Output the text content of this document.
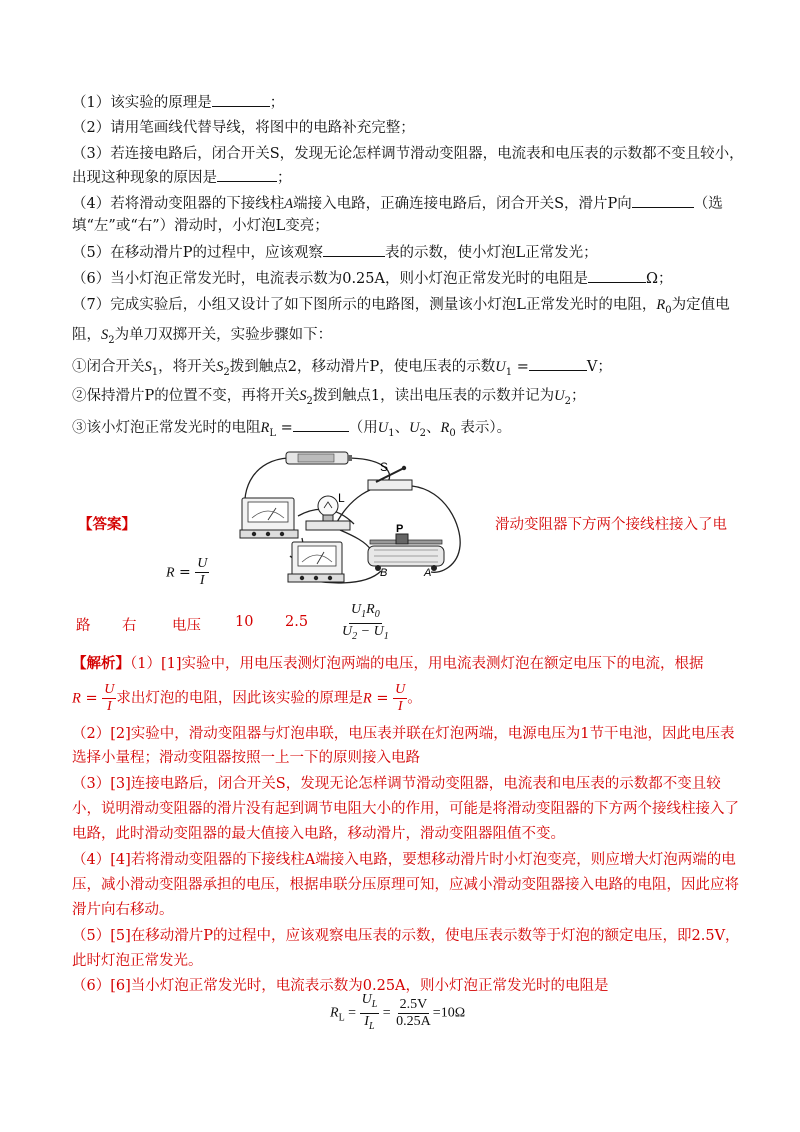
（1）该实验的原理是	；
（2）请用笔画线代替导线，将图中的电路补充完整；
（3）若连接电路后，闭合开关S，发现无论怎样调节滑动变阻器，电流表和电压表的示数都不变且较小，
出现这种现象的原因是	；
（4）若将滑动变阻器的下接线柱A端接入电路，正确连接电路后，闭合开关S，滑片P向	（选
填“左”或“右”）滑动时，小灯泡L变亮；
（5）在移动滑片P的过程中，应该观察	表的示数，使小灯泡L正常发光；
（6）当小灯泡正常发光时，电流表示数为0.25A，则小灯泡正常发光时的电阻是	Ω；
（7）完成实验后，小组又设计了如下图所示的电路图，测量该小灯泡L正常发光时的电阻，$R_0$为定值电
阻，$S_2$为单刀双掷开关，实验步骤如下：
①闭合开关$S_1$，将开关$S_2$拨到触点2，移动滑片P，使电压表的示数$U_1$ =	V；
②保持滑片P的位置不变，再将开关$S_2$拨到触点1，读出电压表的示数并记为$U_2$；
③该小灯泡正常发光时的电阻$R_L$ =	（用$U_1$、$U_2$、$R_0$ 表示）。
S
L
P
B	A
【答案】	滑动变阻器下方两个接线柱接入了电
$R = \frac{U}{I}$
路 右 电压 10 $2.5 \frac{U_1R_0}{U_2 - U_1}$
【解析】（1）[1]实验中，用电压表测灯泡两端的电压，用电流表测灯泡在额定电压下的电流，根据
$R = \frac{U}{I}$ 求出灯泡的电阻，因此该实验的原理是$R = \frac{U}{I}$ 。
（2）[2]实验中，滑动变阻器与灯泡串联，电压表并联在灯泡两端，电源电压为1节干电池，因此电压表
选择小量程；滑动变阻器按照一上一下的原则接入电路
（3）[3]连接电路后，闭合开关S，发现无论怎样调节滑动变阻器，电流表和电压表的示数都不变且较
小，说明滑动变阻器的滑片没有起到调节电阻大小的作用，可能是将滑动变阻器的下方两个接线柱接入了
电路，此时滑动变阻器的最大值接入电路，移动滑片，滑动变阻器阻值不变。
（4）[4]若将滑动变阻器的下接线柱A端接入电路，要想移动滑片时小灯泡变亮，则应增大灯泡两端的电
压，减小滑动变阻器承担的电压，根据串联分压原理可知，应减小滑动变阻器接入电路的电阻，因此应将
滑片向右移动。
（5）[5]在移动滑片P的过程中，应该观察电压表的示数，使电压表示数等于灯泡的额定电压，即2.5V，
此时灯泡正常发光。
（6）[6]当小灯泡正常发光时，电流表示数为0.25A，则小灯泡正常发光时的电阻是
$R_L = \frac{U_L}{I_L} = \frac{2.5V}{0.25A} =10\Omega$
